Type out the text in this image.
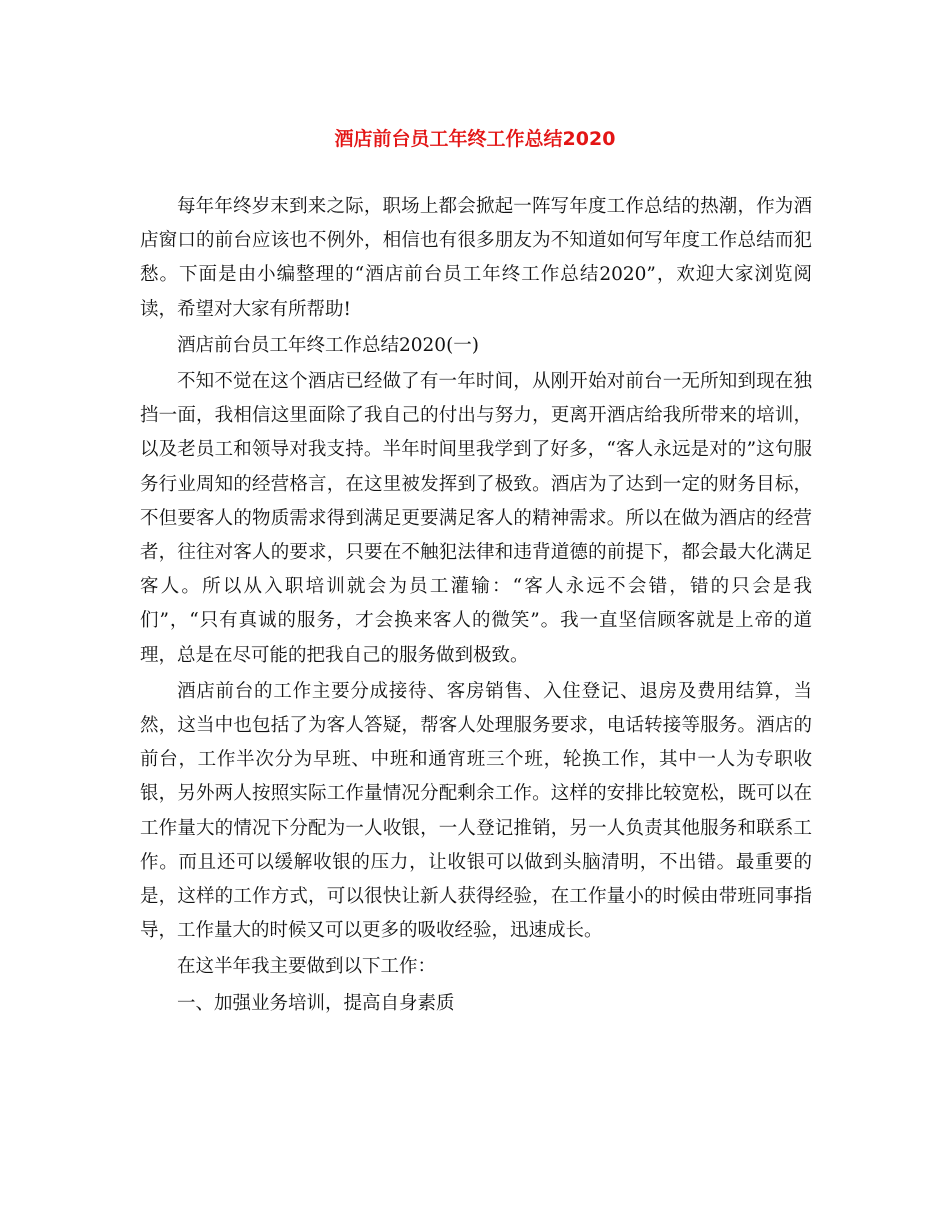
酒店前台员工年终工作总结2020

每年年终岁末到来之际，职场上都会掀起一阵写年度工作总结的热潮，作为酒店窗口的前台应该也不例外，相信也有很多朋友为不知道如何写年度工作总结而犯愁。下面是由小编整理的“酒店前台员工年终工作总结2020”，欢迎大家浏览阅读，希望对大家有所帮助!

酒店前台员工年终工作总结2020(一)

不知不觉在这个酒店已经做了有一年时间，从刚开始对前台一无所知到现在独挡一面，我相信这里面除了我自己的付出与努力，更离开酒店给我所带来的培训，以及老员工和领导对我支持。半年时间里我学到了好多，“客人永远是对的”这句服务行业周知的经营格言，在这里被发挥到了极致。酒店为了达到一定的财务目标，不但要客人的物质需求得到满足更要满足客人的精神需求。所以在做为酒店的经营者，往往对客人的要求，只要在不触犯法律和违背道德的前提下，都会最大化满足客人。所以从入职培训就会为员工灌输：“客人永远不会错，错的只会是我们”，“只有真诚的服务，才会换来客人的微笑”。我一直坚信顾客就是上帝的道理，总是在尽可能的把我自己的服务做到极致。

酒店前台的工作主要分成接待、客房销售、入住登记、退房及费用结算，当然，这当中也包括了为客人答疑，帮客人处理服务要求，电话转接等服务。酒店的前台，工作半次分为早班、中班和通宵班三个班，轮换工作，其中一人为专职收银，另外两人按照实际工作量情况分配剩余工作。这样的安排比较宽松，既可以在工作量大的情况下分配为一人收银，一人登记推销，另一人负责其他服务和联系工作。而且还可以缓解收银的压力，让收银可以做到头脑清明，不出错。最重要的是，这样的工作方式，可以很快让新人获得经验，在工作量小的时候由带班同事指导，工作量大的时候又可以更多的吸收经验，迅速成长。

在这半年我主要做到以下工作：

一、加强业务培训，提高自身素质
